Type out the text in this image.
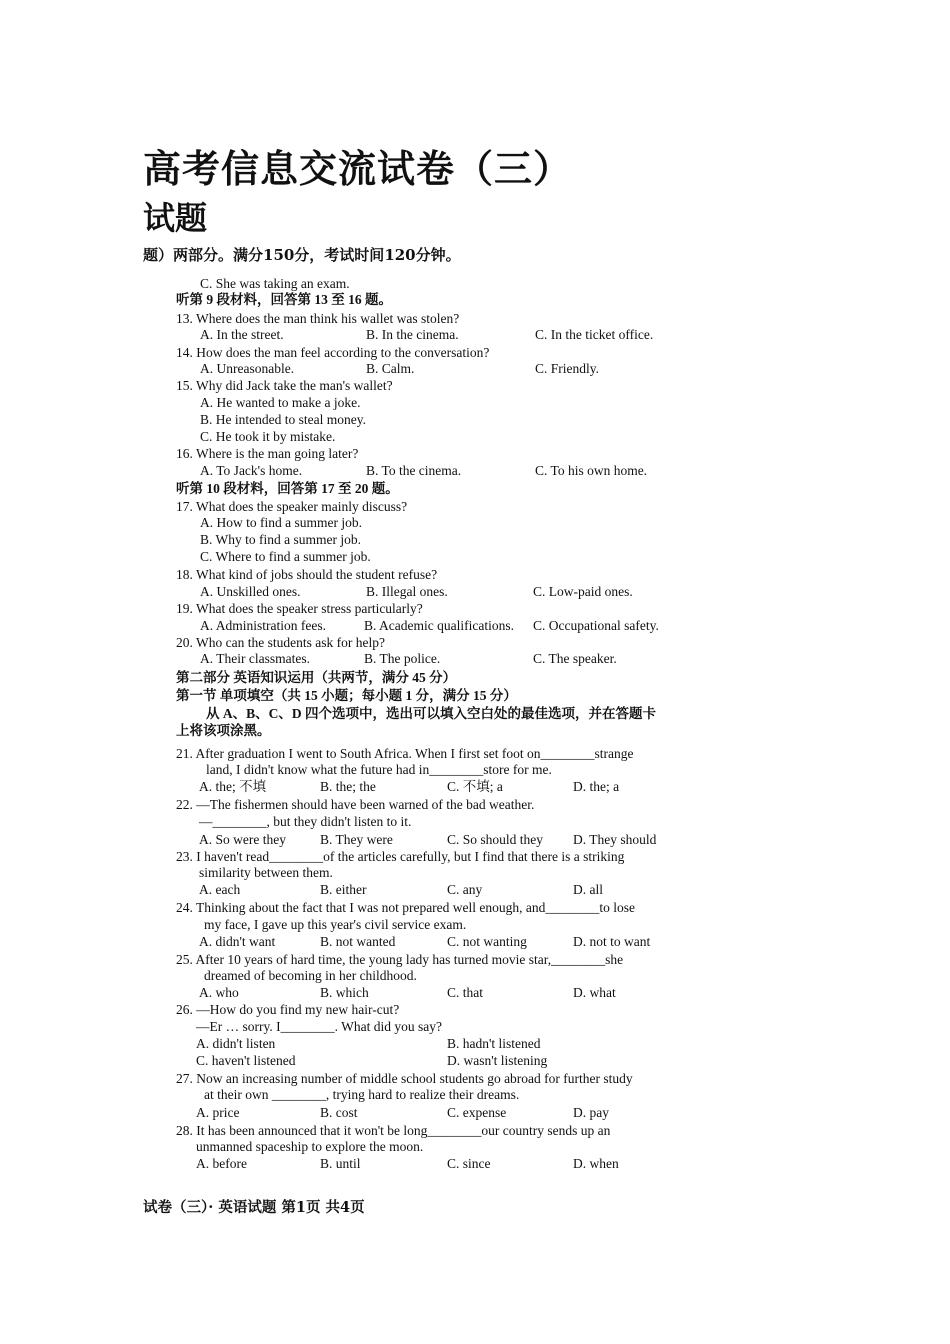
高考信息交流试卷（三）
试题
题）两部分。满分150分，考试时间120分钟。
C. She was taking an exam.
听第 9 段材料，回答第 13 至 16 题。
13. Where does the man think his wallet was stolen?
A. In the street.	B. In the cinema.	C. In the ticket office.
14. How does the man feel according to the conversation?
A. Unreasonable.	B. Calm.	C. Friendly.
15. Why did Jack take the man's wallet?
A. He wanted to make a joke.
B. He intended to steal money.
C. He took it by mistake.
16. Where is the man going later?
A. To Jack's home.	B. To the cinema.	C. To his own home.
听第 10 段材料，回答第 17 至 20 题。
17. What does the speaker mainly discuss?
A. How to find a summer job.
B. Why to find a summer job.
C. Where to find a summer job.
18. What kind of jobs should the student refuse?
A. Unskilled ones.	B. Illegal ones.	C. Low-paid ones.
19. What does the speaker stress particularly?
A. Administration fees.	B. Academic qualifications. C. Occupational safety.
20. Who can the students ask for help?
A. Their classmates.	B. The police.	C. The speaker.
第二部分 英语知识运用（共两节，满分 45 分）
第一节 单项填空（共 15 小题；每小题 1 分，满分 15 分）
从 A、B、C、D 四个选项中，选出可以填入空白处的最佳选项，并在答题卡
上将该项涂黑。
21. After graduation I went to South Africa. When I first set foot on________strange
land, I didn't know what the future had in________store for me.
A. the; 不填	B. the; the	C. 不填; a	D. the; a
22. —The fishermen should have been warned of the bad weather.
—________, but they didn't listen to it.
A. So were they	B. They were	C. So should they D. They should
23. I haven't read________of the articles carefully, but I find that there is a striking
similarity between them.
A. each	B. either	C. any	D. all
24. Thinking about the fact that I was not prepared well enough, and________to lose
my face, I gave up this year's civil service exam.
A. didn't want	B. not wanted	C. not wanting	D. not to want
25. After 10 years of hard time, the young lady has turned movie star,________she
dreamed of becoming in her childhood.
A. who	B. which	C. that	D. what
26. —How do you find my new hair-cut?
—Er … sorry. I________. What did you say?
A. didn't listen	B. hadn't listened
C. haven't listened	D. wasn't listening
27. Now an increasing number of middle school students go abroad for further study
at their own ________, trying hard to realize their dreams.
A. price	B. cost	C. expense	D. pay
28. It has been announced that it won't be long________our country sends up an
unmanned spaceship to explore the moon.
A. before	B. until	C. since	D. when
试卷（三）· 英语试题 第1页 共4页
